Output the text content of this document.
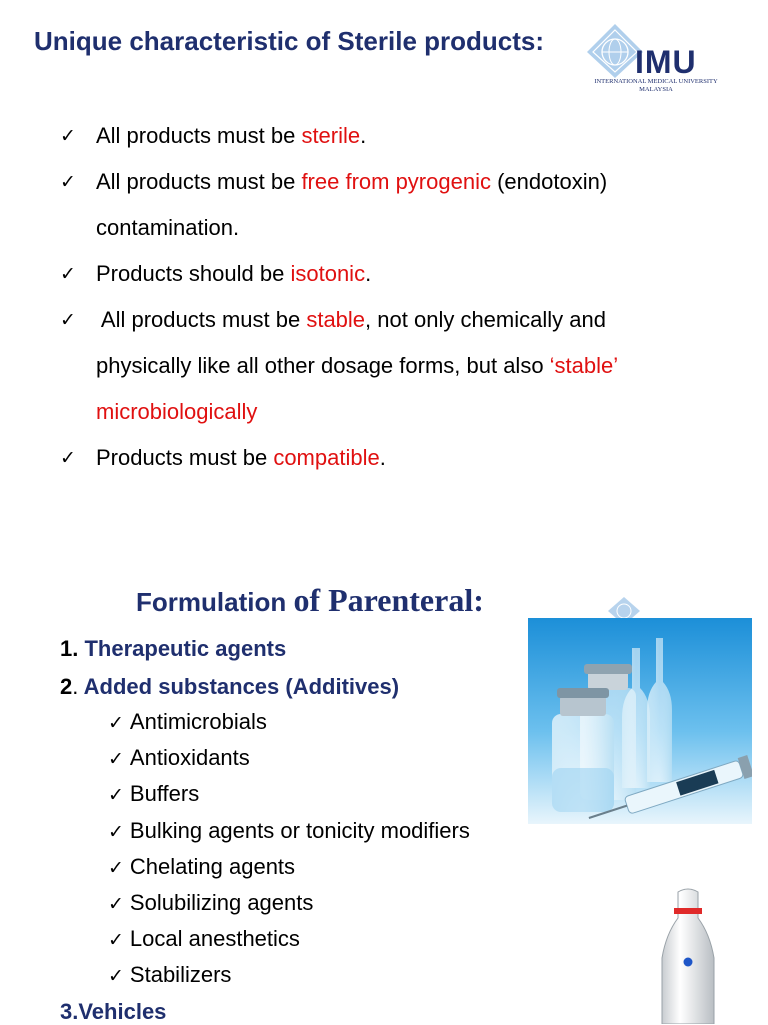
Unique characteristic of Sterile products:
IMU
INTERNATIONAL MEDICAL UNIVERSITY
MALAYSIA
✓ All products must be sterile.
✓ All products must be free from pyrogenic (endotoxin)
contamination.
✓ Products should be isotonic.
✓ All products must be stable, not only chemically and
physically like all other dosage forms, but also ‘stable’
microbiologically
✓ Products must be compatible.
Formulation of Parenteral:
1. Therapeutic agents
2. Added substances (Additives)
✓ Antimicrobials
✓ Antioxidants
✓ Buffers
✓ Bulking agents or tonicity modifiers
✓ Chelating agents
✓ Solubilizing agents
✓ Local anesthetics
✓ Stabilizers
3.Vehicles
